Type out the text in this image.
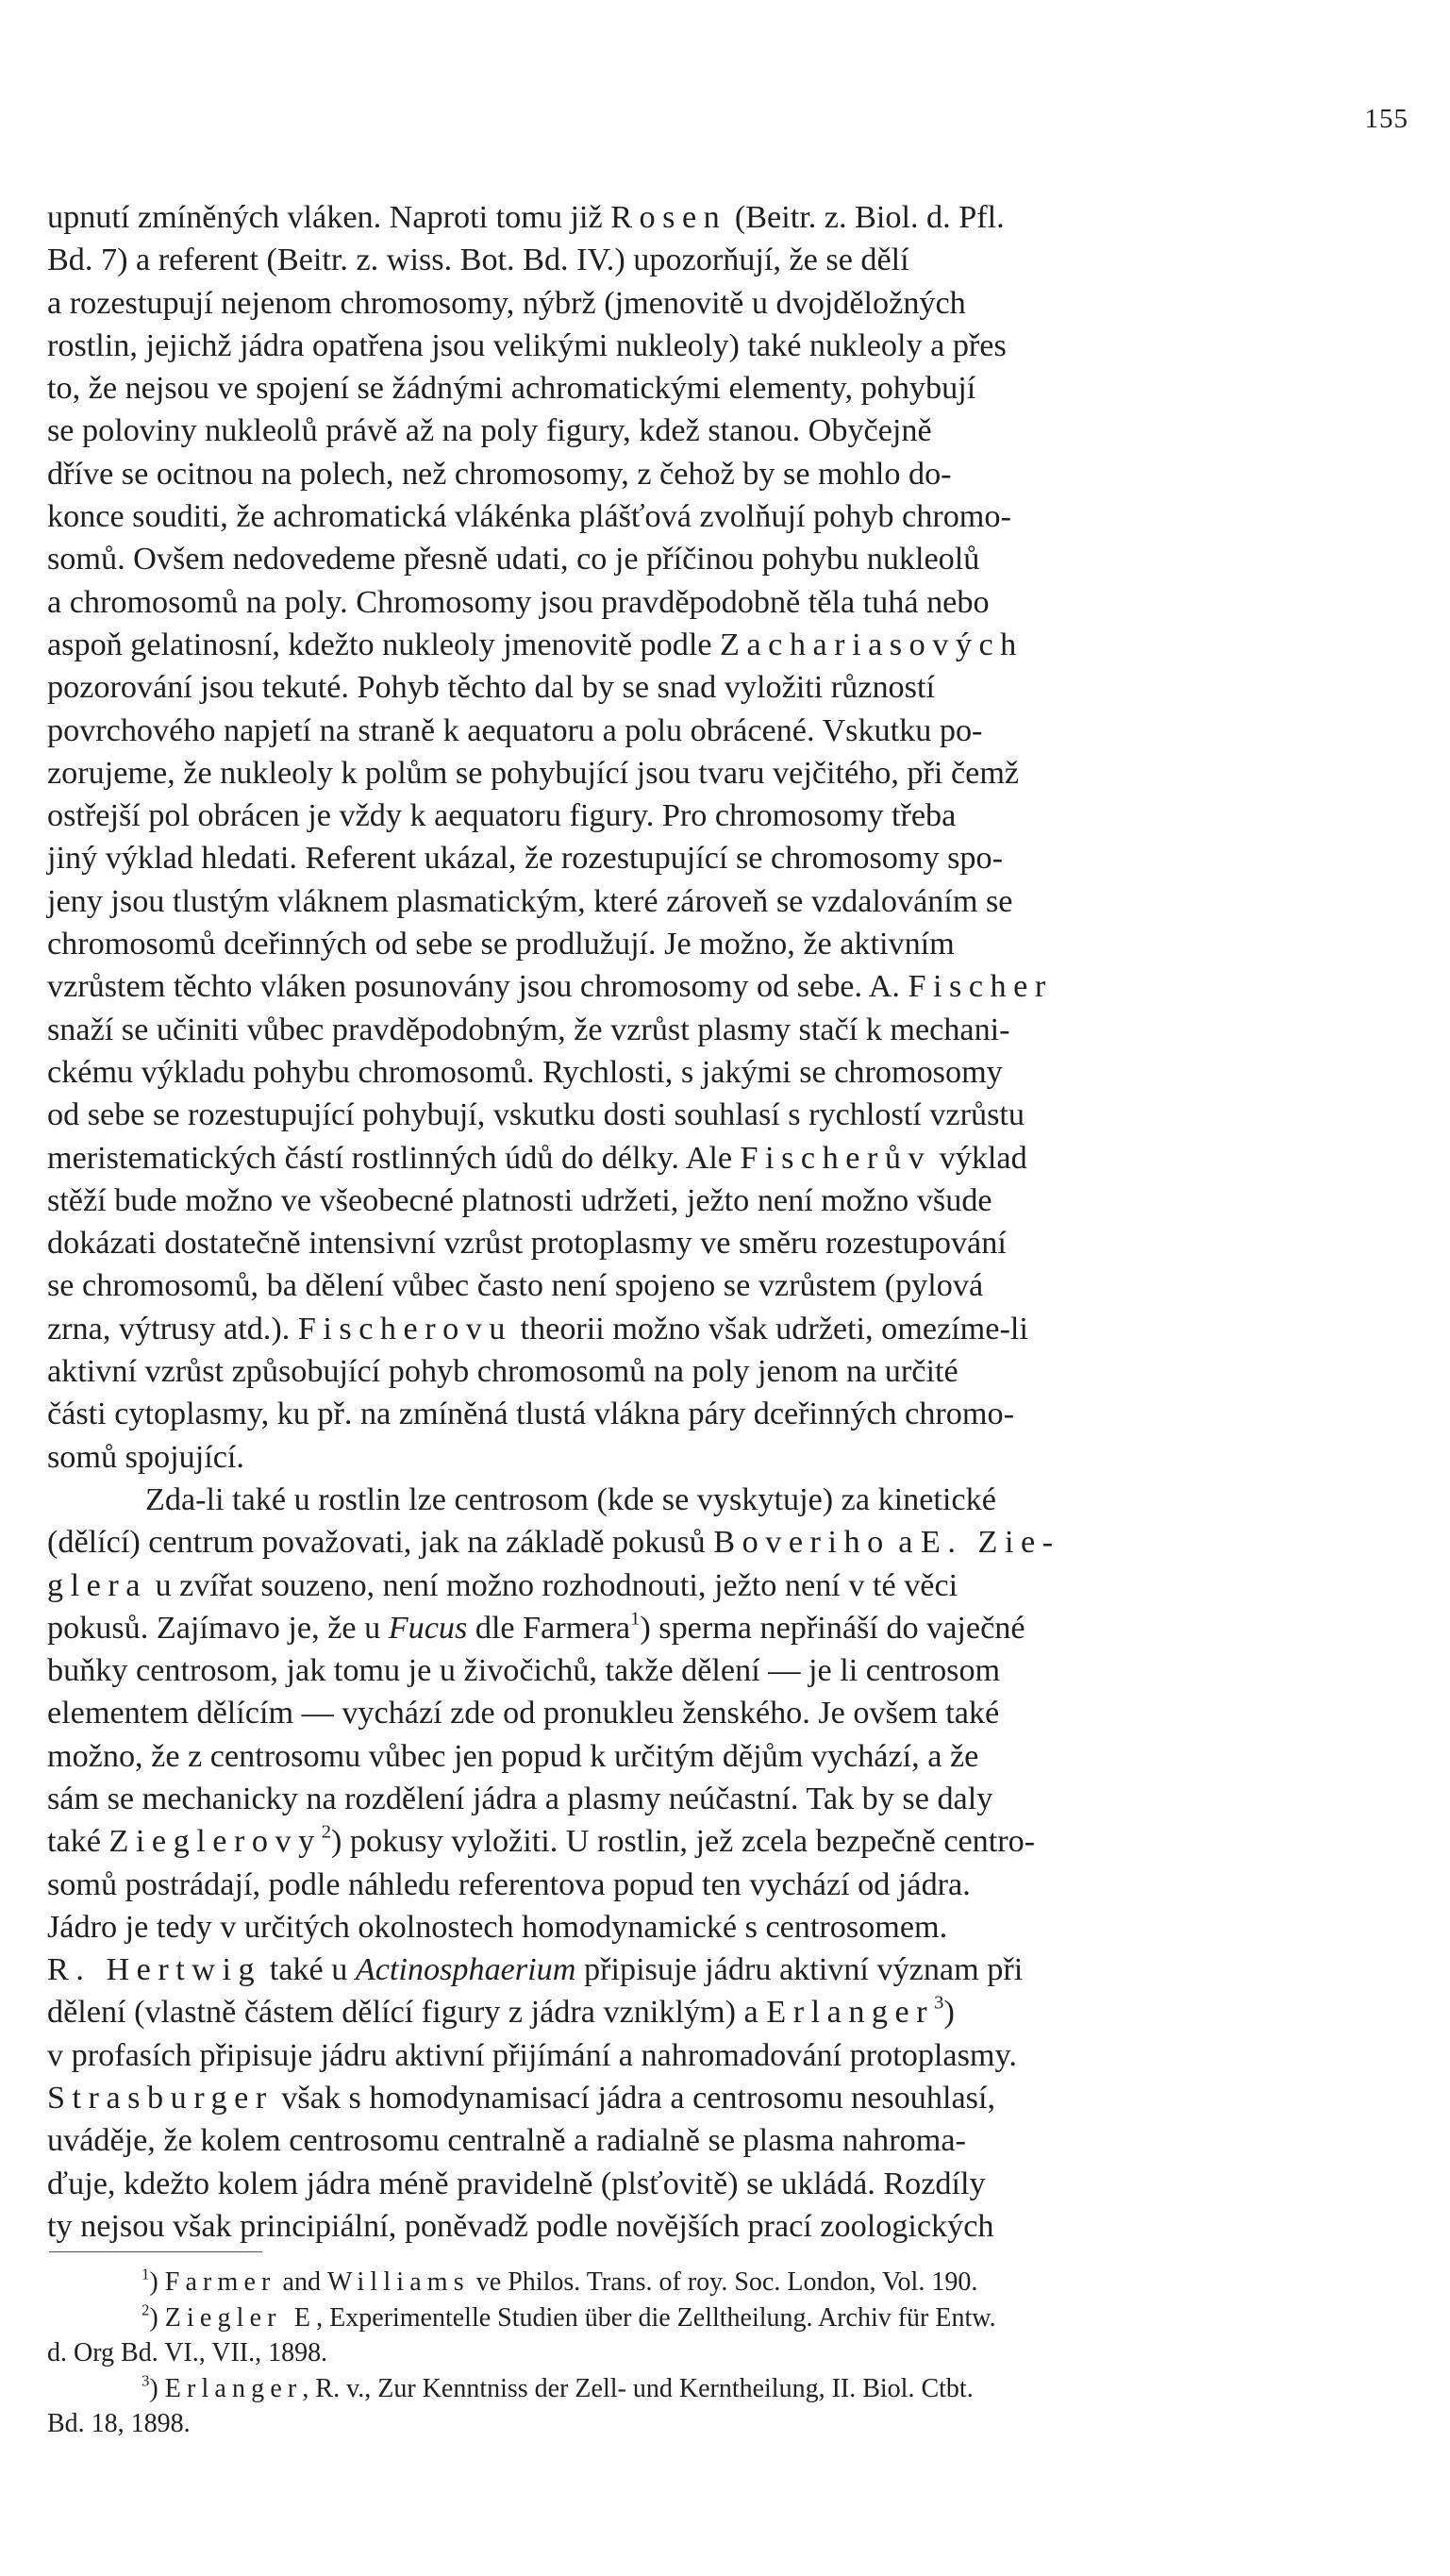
155
upnutí zmíněných vláken. Naproti tomu již Rosen (Beitr. z. Biol. d. Pfl.
Bd. 7) a referent (Beitr. z. wiss. Bot. Bd. IV.) upozorňují, že se dělí
a rozestupují nejenom chromosomy, nýbrž (jmenovitě u dvojděložných
rostlin, jejichž jádra opatřena jsou velikými nukleoly) také nukleoly a přes
to, že nejsou ve spojení se žádnými achromatickými elementy, pohybují
se poloviny nukleolů právě až na poly figury, kdež stanou. Obyčejně
dříve se ocitnou na polech, než chromosomy, z čehož by se mohlo do-
konce souditi, že achromatická vlákénka plášťová zvolňují pohyb chromo-
somů. Ovšem nedovedeme přesně udati, co je příčinou pohybu nukleolů
a chromosomů na poly. Chromosomy jsou pravděpodobně těla tuhá nebo
aspoň gelatinosní, kdežto nukleoly jmenovitě podle Zachariasových
pozorování jsou tekuté. Pohyb těchto dal by se snad vyložiti růzností
povrchového napjetí na straně k aequatoru a polu obrácené. Vskutku po-
zorujeme, že nukleoly k polům se pohybující jsou tvaru vejčitého, při čemž
ostřejší pol obrácen je vždy k aequatoru figury. Pro chromosomy třeba
jiný výklad hledati. Referent ukázal, že rozestupující se chromosomy spo-
jeny jsou tlustým vláknem plasmatickým, které zároveň se vzdalováním se
chromosomů dceřinných od sebe se prodlužují. Je možno, že aktivním
vzrůstem těchto vláken posunovány jsou chromosomy od sebe. A. Fischer
snaží se učiniti vůbec pravděpodobným, že vzrůst plasmy stačí k mechani-
ckému výkladu pohybu chromosomů. Rychlosti, s jakými se chromosomy
od sebe se rozestupující pohybují, vskutku dosti souhlasí s rychlostí vzrůstu
meristematických částí rostlinných údů do délky. Ale Fischerův výklad
stěží bude možno ve všeobecné platnosti udržeti, ježto není možno všude
dokázati dostatečně intensivní vzrůst protoplasmy ve směru rozestupování
se chromosomů, ba dělení vůbec často není spojeno se vzrůstem (pylová
zrna, výtrusy atd.). Fischerovu theorii možno však udržeti, omezíme-li
aktivní vzrůst způsobující pohyb chromosomů na poly jenom na určité
části cytoplasmy, ku př. na zmíněná tlustá vlákna páry dceřinných chromo-
somů spojující.
Zda-li také u rostlin lze centrosom (kde se vyskytuje) za kinetické
(dělící) centrum považovati, jak na základě pokusů Boveriho a E. Zie-
glera u zvířat souzeno, není možno rozhodnouti, ježto není v té věci
pokusů. Zajímavo je, že u Fucus dle Farmera$^1$) sperma nepřináší do vaječné
buňky centrosom, jak tomu je u živočichů, takže dělení — je li centrosom
elementem dělícím — vychází zde od pronukleu ženského. Je ovšem také
možno, že z centrosomu vůbec jen popud k určitým dějům vychází, a že
sám se mechanicky na rozdělení jádra a plasmy neúčastní. Tak by se daly
také Zieglerovy$^2$) pokusy vyložiti. U rostlin, jež zcela bezpečně centro-
somů postrádají, podle náhledu referentova popud ten vychází od jádra.
Jádro je tedy v určitých okolnostech homodynamické s centrosomem.
R. Hertwig také u Actinosphaerium připisuje jádru aktivní význam při
dělení (vlastně částem dělící figury z jádra vzniklým) a Erlanger$^3$)
v profasích připisuje jádru aktivní přijímání a nahromadování protoplasmy.
Strasburger však s homodynamisací jádra a centrosomu nesouhlasí,
uváděje, že kolem centrosomu centralně a radialně se plasma nahroma-
ďuje, kdežto kolem jádra méně pravidelně (plsťovitě) se ukládá. Rozdíly
ty nejsou však principiální, poněvadž podle novějších prací zoologických
$^1$) Farmer and Williams ve Philos. Trans. of roy. Soc. London, Vol. 190.
$^2$) Ziegler E, Experimentelle Studien über die Zelltheilung. Archiv für Entw.
d. Org Bd. VI., VII., 1898.
$^3$) Erlanger, R. v., Zur Kenntniss der Zell- und Kerntheilung, II. Biol. Ctbt.
Bd. 18, 1898.
